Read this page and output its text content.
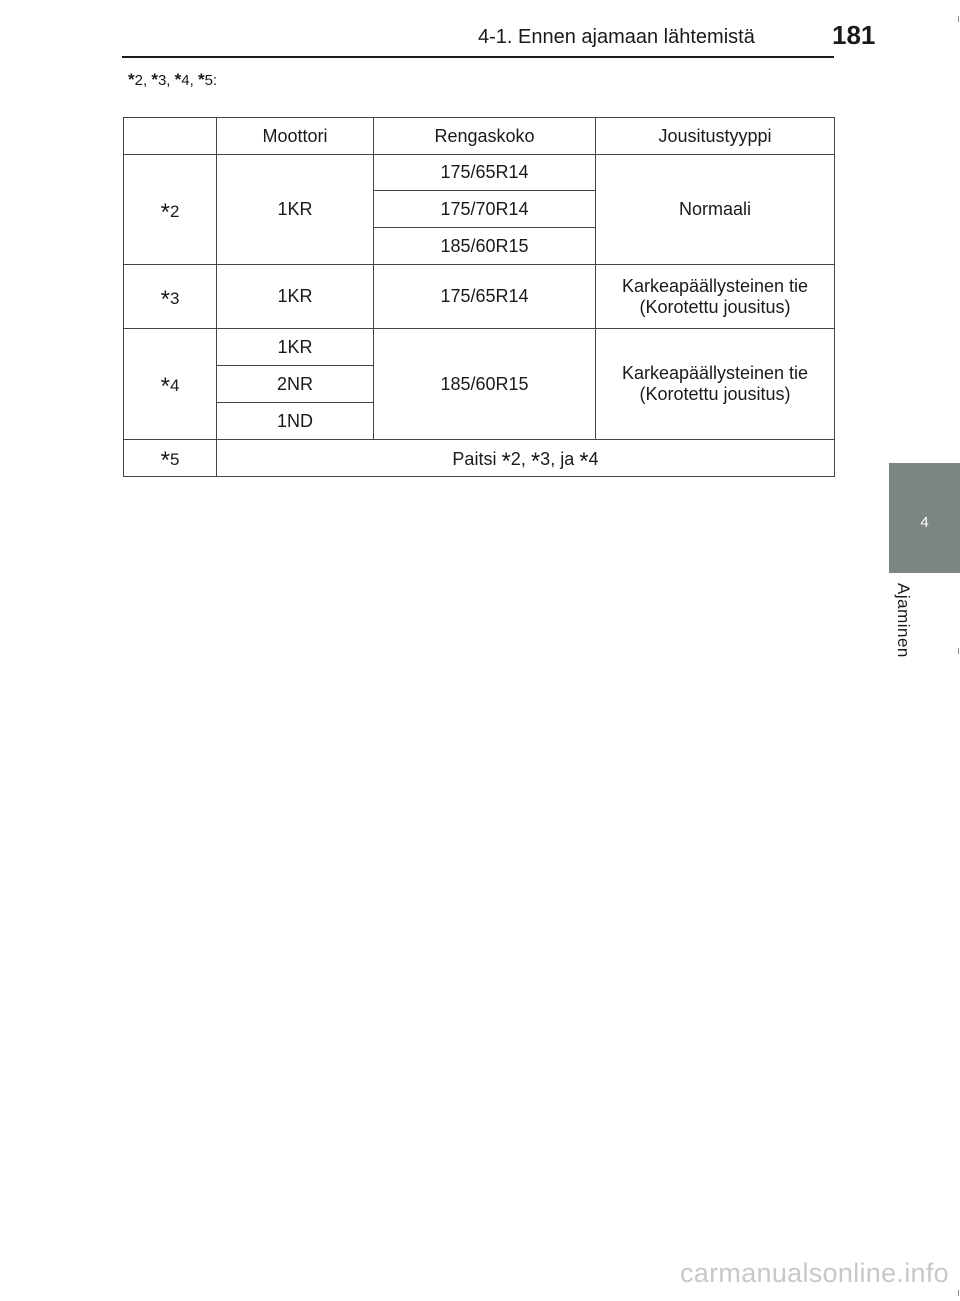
4-1. Ennen ajamaan lähtemistä	181
4
Ajaminen
*2, *3, *4, *5:
	Moottori	Rengaskoko	Jousitustyyppi
*2	1KR	175/65R14	Normaali
		175/70R14	
		185/60R15	
*3	1KR	175/65R14	Karkeapäällysteinen tie
(Korotettu jousitus)

*4	1KR	185/60R15	Karkeapäällysteinen tie
(Korotettu jousitus)

	2NR		
	1ND		
*5	Paitsi *2, *3, ja *4		
carmanualsonline.info
